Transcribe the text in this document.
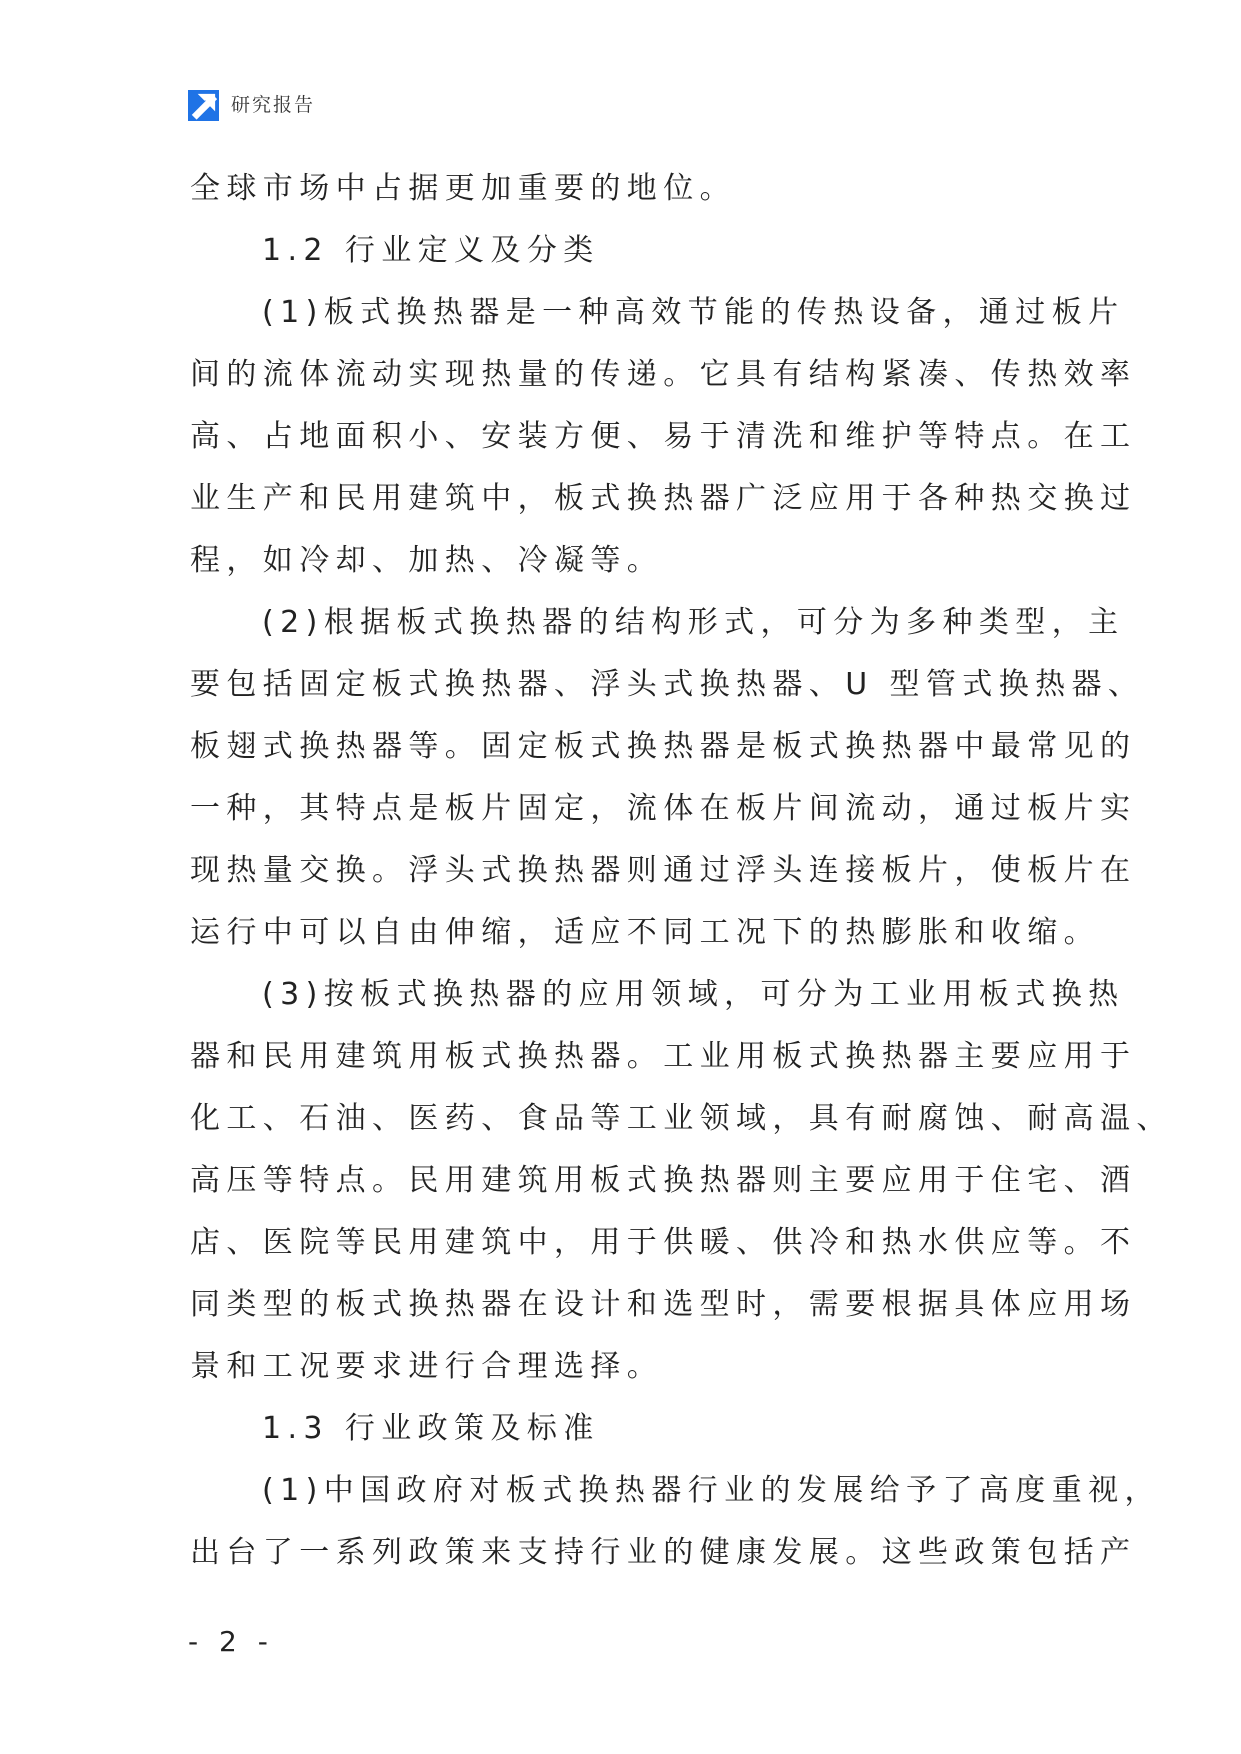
研究报告
全球市场中占据更加重要的地位。
1.2 行业定义及分类
(1)板式换热器是一种高效节能的传热设备，通过板片
间的流体流动实现热量的传递。它具有结构紧凑、传热效率
高、占地面积小、安装方便、易于清洗和维护等特点。在工
业生产和民用建筑中，板式换热器广泛应用于各种热交换过
程，如冷却、加热、冷凝等。
(2)根据板式换热器的结构形式，可分为多种类型，主
要包括固定板式换热器、浮头式换热器、U 型管式换热器、
板翅式换热器等。固定板式换热器是板式换热器中最常见的
一种，其特点是板片固定，流体在板片间流动，通过板片实
现热量交换。浮头式换热器则通过浮头连接板片，使板片在
运行中可以自由伸缩，适应不同工况下的热膨胀和收缩。
(3)按板式换热器的应用领域，可分为工业用板式换热
器和民用建筑用板式换热器。工业用板式换热器主要应用于
化工、石油、医药、食品等工业领域，具有耐腐蚀、耐高温、
高压等特点。民用建筑用板式换热器则主要应用于住宅、酒
店、医院等民用建筑中，用于供暖、供冷和热水供应等。不
同类型的板式换热器在设计和选型时，需要根据具体应用场
景和工况要求进行合理选择。
1.3 行业政策及标准
(1)中国政府对板式换热器行业的发展给予了高度重视，
出台了一系列政策来支持行业的健康发展。这些政策包括产
- 2 -
